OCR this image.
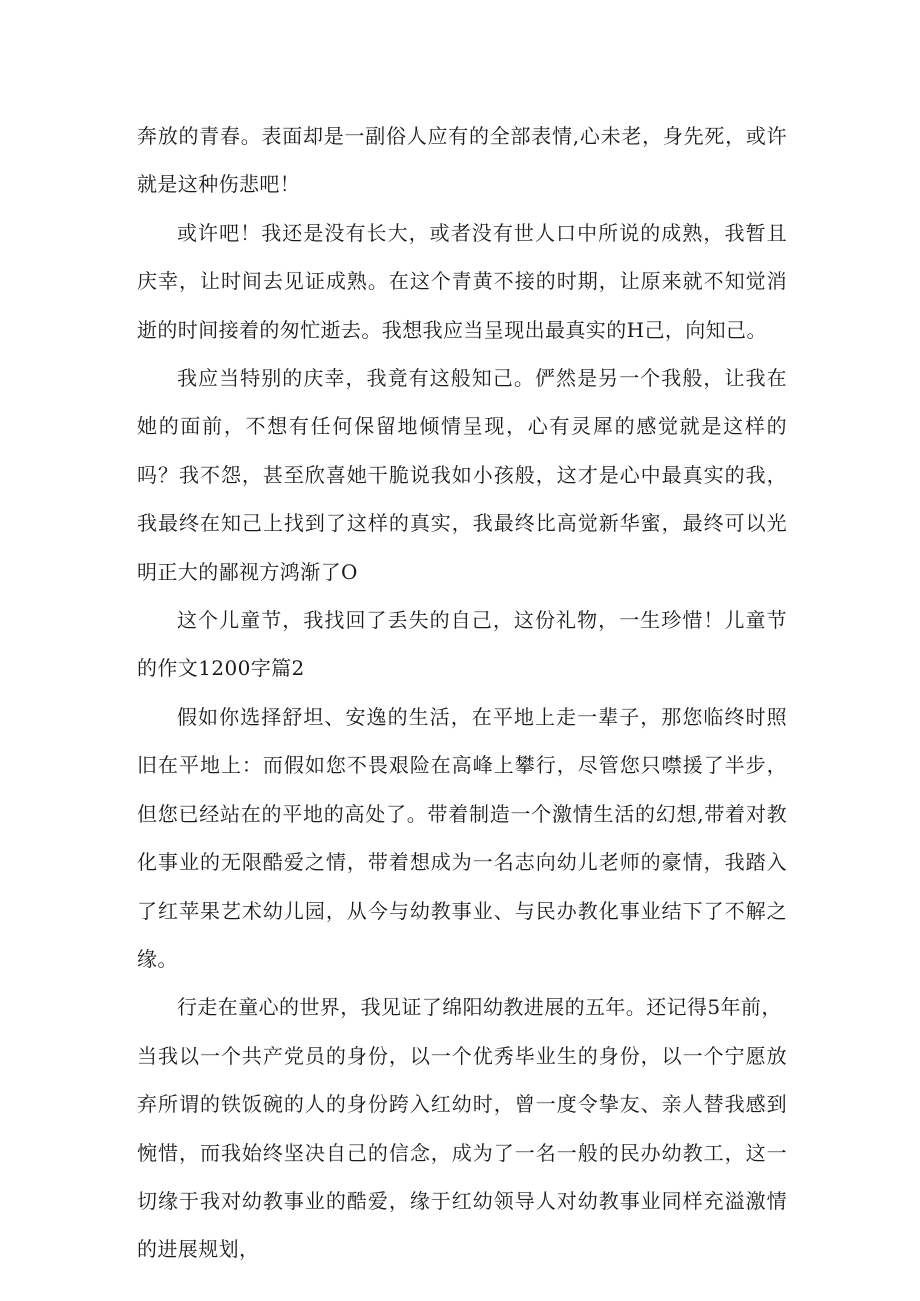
奔放的青春。表面却是一副俗人应有的全部表情,心未老，身先死，或许就是这种伤悲吧！

或许吧！我还是没有长大，或者没有世人口中所说的成熟，我暂且庆幸，让时间去见证成熟。在这个青黄不接的时期，让原来就不知觉消逝的时间接着的匆忙逝去。我想我应当呈现出最真实的H己，向知己。

我应当特别的庆幸，我竟有这般知己。俨然是另一个我般，让我在她的面前，不想有任何保留地倾情呈现，心有灵犀的感觉就是这样的吗？我不怨，甚至欣喜她干脆说我如小孩般，这才是心中最真实的我，我最终在知己上找到了这样的真实，我最终比高觉新华蜜，最终可以光明正大的鄙视方鸿渐了O

这个儿童节，我找回了丢失的自己，这份礼物，一生珍惜！儿童节的作文1200字篇2

假如你选择舒坦、安逸的生活，在平地上走一辈子，那您临终时照旧在平地上：而假如您不畏艰险在高峰上攀行，尽管您只噤援了半步，但您已经站在的平地的高处了。带着制造一个激情生活的幻想,带着对教化事业的无限酷爱之情，带着想成为一名志向幼儿老师的豪情，我踏入了红苹果艺术幼儿园，从今与幼教事业、与民办教化事业结下了不解之缘。

行走在童心的世界，我见证了绵阳幼教进展的五年。还记得5年前，

当我以一个共产党员的身份，以一个优秀毕业生的身份，以一个宁愿放弃所谓的铁饭碗的人的身份跨入红幼时，曾一度令挚友、亲人替我感到惋惜，而我始终坚决自己的信念，成为了一名一般的民办幼教工，这一切缘于我对幼教事业的酷爱，缘于红幼领导人对幼教事业同样充溢激情的进展规划，
